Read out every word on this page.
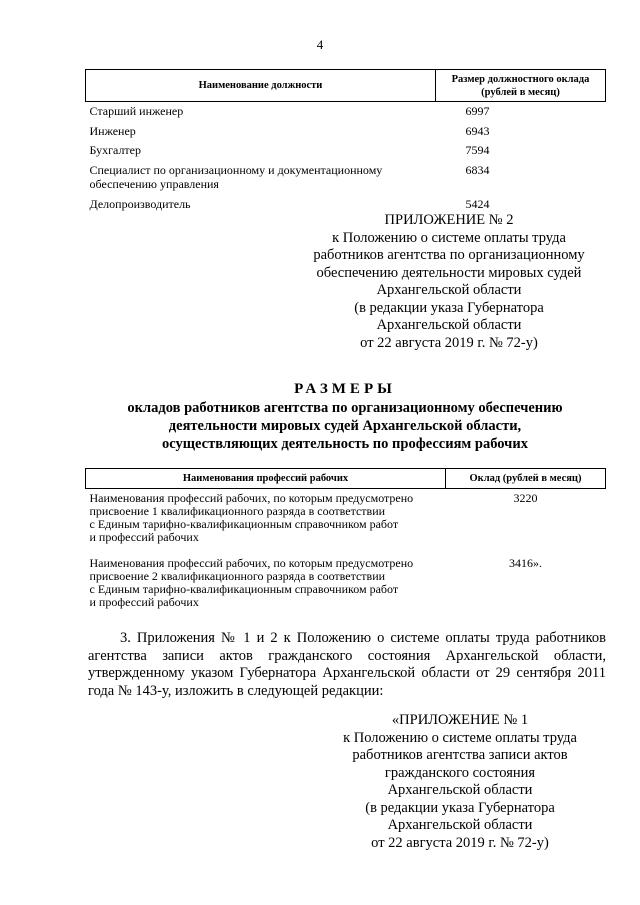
4
Наименование должности	Размер должностного оклада (рублей в месяц)
Старший инженер	6997
Инженер	6943
Бухгалтер	7594
Специалист по организационному и документационному обеспечению управления	6834
Делопроизводитель	5424
ПРИЛОЖЕНИЕ № 2
к Положению о системе оплаты труда
работников агентства по организационному
обеспечению деятельности мировых судей
Архангельской области
(в редакции указа Губернатора
Архангельской области
от 22 августа 2019 г. № 72-у)
РАЗМЕРЫ
окладов работников агентства по организационному обеспечению
деятельности мировых судей Архангельской области,
осуществляющих деятельность по профессиям рабочих
Наименования профессий рабочих	Оклад (рублей в месяц)

Наименования профессий рабочих, по которым предусмотрено
присвоение 1 квалификационного разряда в соответствии
с Единым тарифно-квалификационным справочником работ
и профессий рабочих	3220

Наименования профессий рабочих, по которым предусмотрено
присвоение 2 квалификационного разряда в соответствии
с Единым тарифно-квалификационным справочником работ
и профессий рабочих	3416».
3. Приложения № 1 и 2 к Положению о системе оплаты труда работников агентства записи актов гражданского состояния Архангельской области, утвержденному указом Губернатора Архангельской области от 29 сентября 2011 года № 143-у, изложить в следующей редакции:
«ПРИЛОЖЕНИЕ № 1
к Положению о системе оплаты труда
работников агентства записи актов
гражданского состояния
Архангельской области
(в редакции указа Губернатора
Архангельской области
от 22 августа 2019 г. № 72-у)
